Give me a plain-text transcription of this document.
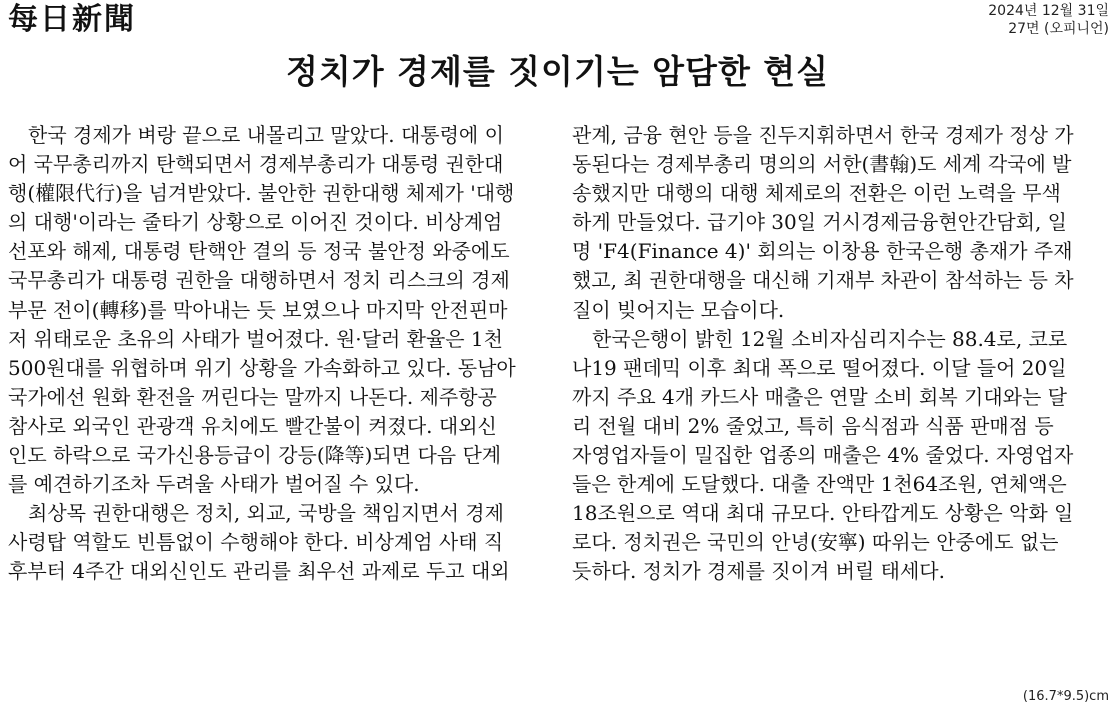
每日新聞	2024년 12월 31일
27면 (오피니언)
정치가 경제를 짓이기는 암담한 현실
　한국 경제가 벼랑 끝으로 내몰리고 말았다. 대통령에 이
어 국무총리까지 탄핵되면서 경제부총리가 대통령 권한대
행(權限代行)을 넘겨받았다. 불안한 권한대행 체제가 '대행
의 대행'이라는 줄타기 상황으로 이어진 것이다. 비상계엄
선포와 해제, 대통령 탄핵안 결의 등 정국 불안정 와중에도
국무총리가 대통령 권한을 대행하면서 정치 리스크의 경제
부문 전이(轉移)를 막아내는 듯 보였으나 마지막 안전핀마
저 위태로운 초유의 사태가 벌어졌다. 원·달러 환율은 1천
500원대를 위협하며 위기 상황을 가속화하고 있다. 동남아
국가에선 원화 환전을 꺼린다는 말까지 나돈다. 제주항공
참사로 외국인 관광객 유치에도 빨간불이 켜졌다. 대외신
인도 하락으로 국가신용등급이 강등(降等)되면 다음 단계
를 예견하기조차 두려울 사태가 벌어질 수 있다.
　최상목 권한대행은 정치, 외교, 국방을 책임지면서 경제
사령탑 역할도 빈틈없이 수행해야 한다. 비상계엄 사태 직
후부터 4주간 대외신인도 관리를 최우선 과제로 두고 대외
관계, 금융 현안 등을 진두지휘하면서 한국 경제가 정상 가
동된다는 경제부총리 명의의 서한(書翰)도 세계 각국에 발
송했지만 대행의 대행 체제로의 전환은 이런 노력을 무색
하게 만들었다. 급기야 30일 거시경제금융현안간담회, 일
명 'F4(Finance 4)' 회의는 이창용 한국은행 총재가 주재
했고, 최 권한대행을 대신해 기재부 차관이 참석하는 등 차
질이 빚어지는 모습이다.
　한국은행이 밝힌 12월 소비자심리지수는 88.4로, 코로
나19 팬데믹 이후 최대 폭으로 떨어졌다. 이달 들어 20일
까지 주요 4개 카드사 매출은 연말 소비 회복 기대와는 달
리 전월 대비 2% 줄었고, 특히 음식점과 식품 판매점 등
자영업자들이 밀집한 업종의 매출은 4% 줄었다. 자영업자
들은 한계에 도달했다. 대출 잔액만 1천64조원, 연체액은
18조원으로 역대 최대 규모다. 안타깝게도 상황은 악화 일
로다. 정치권은 국민의 안녕(安寧) 따위는 안중에도 없는
듯하다. 정치가 경제를 짓이겨 버릴 태세다.
(16.7*9.5)cm
